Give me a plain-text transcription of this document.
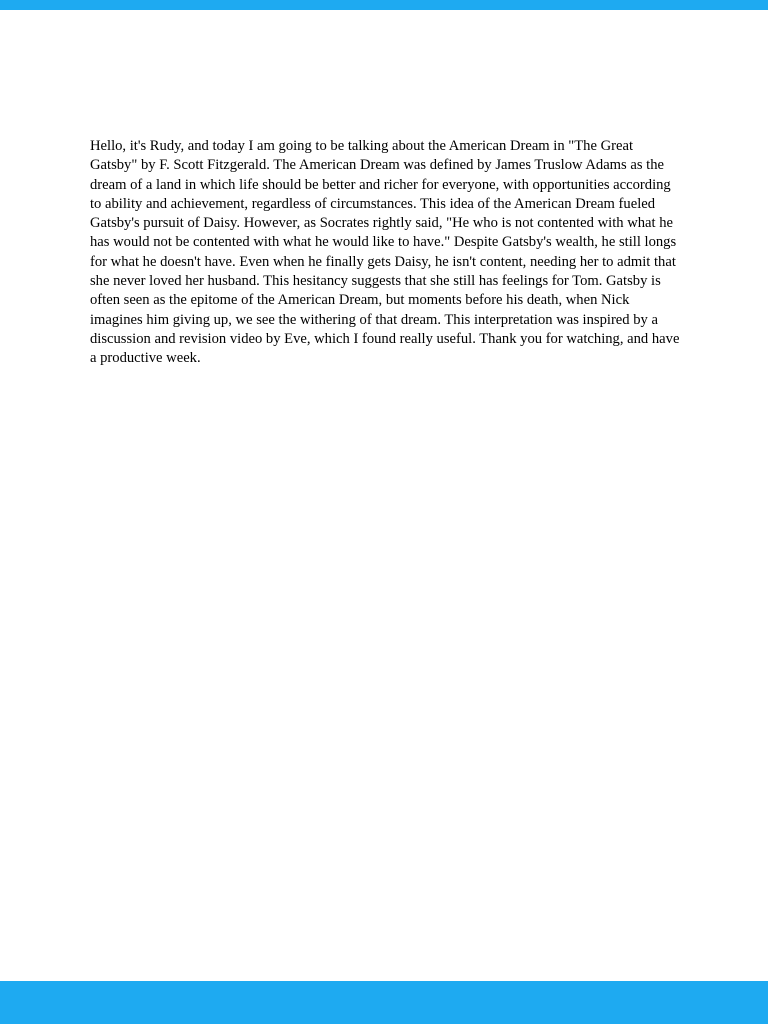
Hello, it's Rudy, and today I am going to be talking about the American Dream in "The Great Gatsby" by F. Scott Fitzgerald. The American Dream was defined by James Truslow Adams as the dream of a land in which life should be better and richer for everyone, with opportunities according to ability and achievement, regardless of circumstances. This idea of the American Dream fueled Gatsby's pursuit of Daisy. However, as Socrates rightly said, "He who is not contented with what he has would not be contented with what he would like to have." Despite Gatsby's wealth, he still longs for what he doesn't have. Even when he finally gets Daisy, he isn't content, needing her to admit that she never loved her husband. This hesitancy suggests that she still has feelings for Tom. Gatsby is often seen as the epitome of the American Dream, but moments before his death, when Nick imagines him giving up, we see the withering of that dream. This interpretation was inspired by a discussion and revision video by Eve, which I found really useful. Thank you for watching, and have a productive week.
